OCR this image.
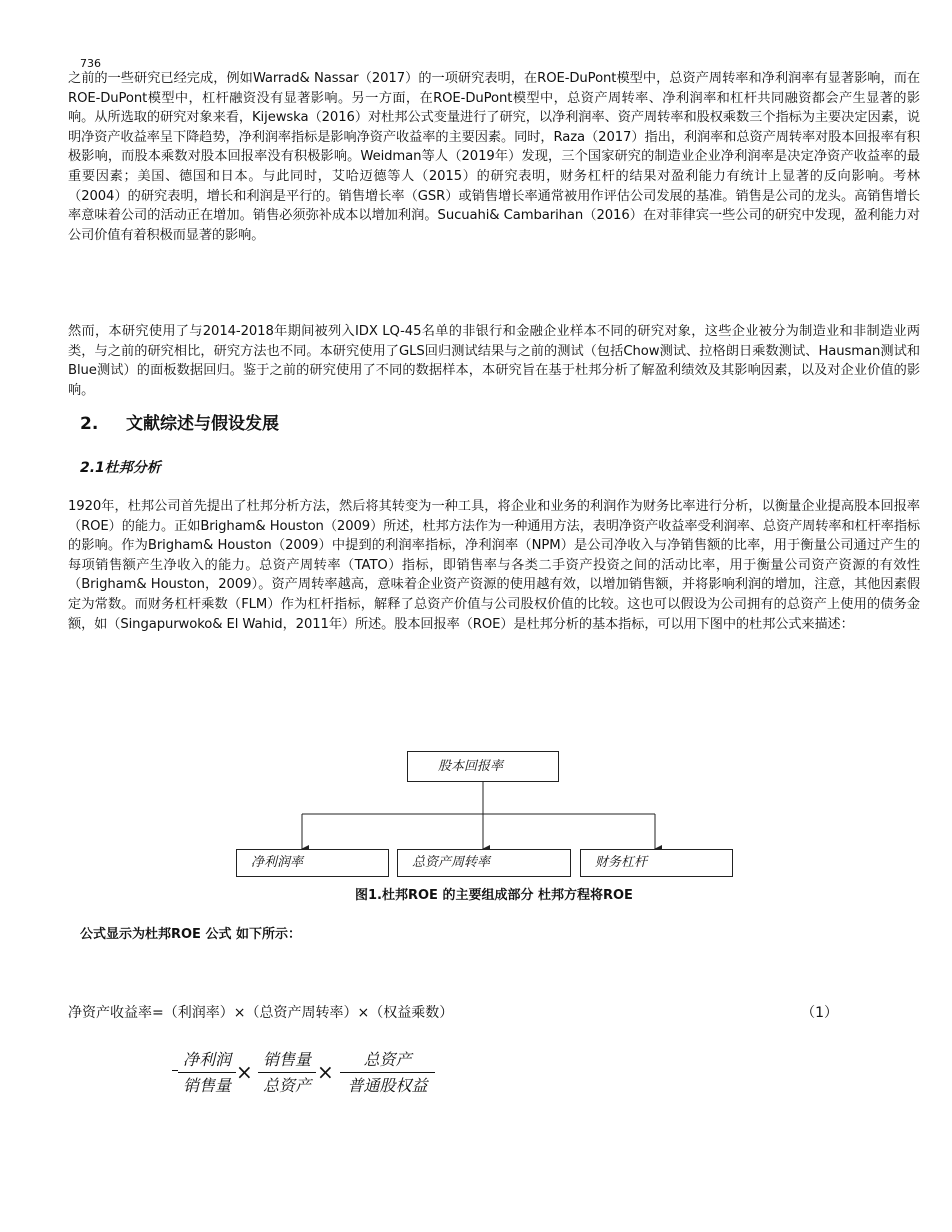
736

之前的一些研究已经完成，例如Warrad& Nassar（2017）的一项研究表明，在ROE-DuPont模型中，总资产周转率和净利润率有显著影响，而在ROE-DuPont模型中，杠杆融资没有显著影响。另一方面，在ROE-DuPont模型中，总资产周转率、净利润率和杠杆共同融资都会产生显著的影响。从所选取的研究对象来看，Kijewska（2016）对杜邦公式变量进行了研究，以净利润率、资产周转率和股权乘数三个指标为主要决定因素，说明净资产收益率呈下降趋势，净利润率指标是影响净资产收益率的主要因素。同时，Raza（2017）指出，利润率和总资产周转率对股本回报率有积极影响，而股本乘数对股本回报率没有积极影响。Weidman等人（2019年）发现，三个国家研究的制造业企业净利润率是决定净资产收益率的最重要因素；美国、德国和日本。与此同时，艾哈迈德等人（2015）的研究表明，财务杠杆的结果对盈利能力有统计上显著的反向影响。考林（2004）的研究表明，增长和利润是平行的。销售增长率（GSR）或销售增长率通常被用作评估公司发展的基准。销售是公司的龙头。高销售增长率意味着公司的活动正在增加。销售必须弥补成本以增加利润。Sucuahi& Cambarihan（2016）在对菲律宾一些公司的研究中发现，盈利能力对公司价值有着积极而显著的影响。

然而，本研究使用了与2014-2018年期间被列入IDX LQ-45名单的非银行和金融企业样本不同的研究对象，这些企业被分为制造业和非制造业两类，与之前的研究相比，研究方法也不同。本研究使用了GLS回归测试结果与之前的测试（包括Chow测试、拉格朗日乘数测试、Hausman测试和Blue测试）的面板数据回归。鉴于之前的研究使用了不同的数据样本，本研究旨在基于杜邦分析了解盈利绩效及其影响因素，以及对企业价值的影响。

2. 文献综述与假设发展
2.1杜邦分析

1920年，杜邦公司首先提出了杜邦分析方法，然后将其转变为一种工具，将企业和业务的利润作为财务比率进行分析，以衡量企业提高股本回报率（ROE）的能力。正如Brigham& Houston（2009）所述，杜邦方法作为一种通用方法，表明净资产收益率受利润率、总资产周转率和杠杆率指标的影响。作为Brigham& Houston（2009）中提到的利润率指标，净利润率（NPM）是公司净收入与净销售额的比率，用于衡量公司通过产生的每项销售额产生净收入的能力。总资产周转率（TATO）指标，即销售率与各类二手资产投资之间的活动比率，用于衡量公司资产资源的有效性（Brigham& Houston，2009）。资产周转率越高，意味着企业资产资源的使用越有效，以增加销售额，并将影响利润的增加，注意，其他因素假定为常数。而财务杠杆乘数（FLM）作为杠杆指标，解释了总资产价值与公司股权价值的比较。这也可以假设为公司拥有的总资产上使用的债务金额，如（Singapurwoko& El Wahid，2011年）所述。股本回报率（ROE）是杜邦分析的基本指标，可以用下图中的杜邦公式来描述：

股本回报率
净利润率	总资产周转率	财务杠杆

图1.杜邦ROE 的主要组成部分 杜邦方程将ROE

公式显示为杜邦ROE 公式 如下所示：

净资产收益率=（利润率）×（总资产周转率）×（权益乘数）	（1）
净利润
销售量
×
销售量
总资产
×
总资产
普通股权益
